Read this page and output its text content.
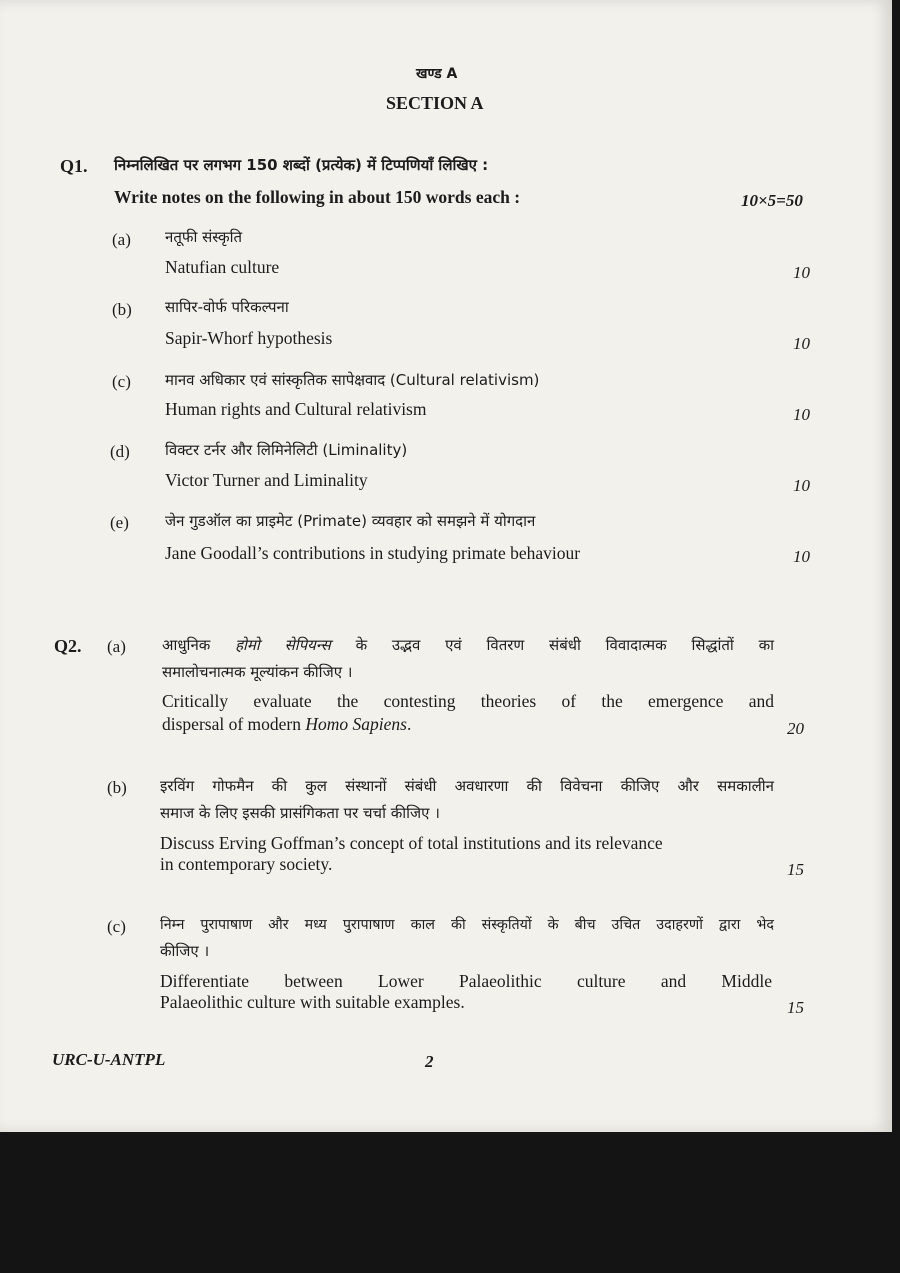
खण्ड A
SECTION A
Q1. निम्नलिखित पर लगभग 150 शब्दों (प्रत्येक) में टिप्पणियाँ लिखिए :
Write notes on the following in about 150 words each :	10×5=50
(a) नतूफी संस्कृति
Natufian culture	10
(b) सापिर-वोर्फ परिकल्पना
Sapir-Whorf hypothesis	10
(c) मानव अधिकार एवं सांस्कृतिक सापेक्षवाद (Cultural relativism)
Human rights and Cultural relativism	10
(d) विक्टर टर्नर और लिमिनेलिटी (Liminality)
Victor Turner and Liminality	10
(e) जेन गुडऑल का प्राइमेट (Primate) व्यवहार को समझने में योगदान
Jane Goodall’s contributions in studying primate behaviour	10
Q2. (a) आधुनिक होमो सेपियन्स के उद्भव एवं वितरण संबंधी विवादात्मक सिद्धांतों का
समालोचनात्मक मूल्यांकन कीजिए ।
Critically evaluate the contesting theories of the emergence and
dispersal of modern Homo Sapiens.	20
(b) इरविंग गोफमैन की कुल संस्थानों संबंधी अवधारणा की विवेचना कीजिए और समकालीन
समाज के लिए इसकी प्रासंगिकता पर चर्चा कीजिए ।
Discuss Erving Goffman’s concept of total institutions and its relevance
in contemporary society.	15
(c) निम्न पुरापाषाण और मध्य पुरापाषाण काल की संस्कृतियों के बीच उचित उदाहरणों द्वारा भेद
कीजिए ।
Differentiate between Lower Palaeolithic culture and Middle
Palaeolithic culture with suitable examples.	15
URC-U-ANTPL	2
